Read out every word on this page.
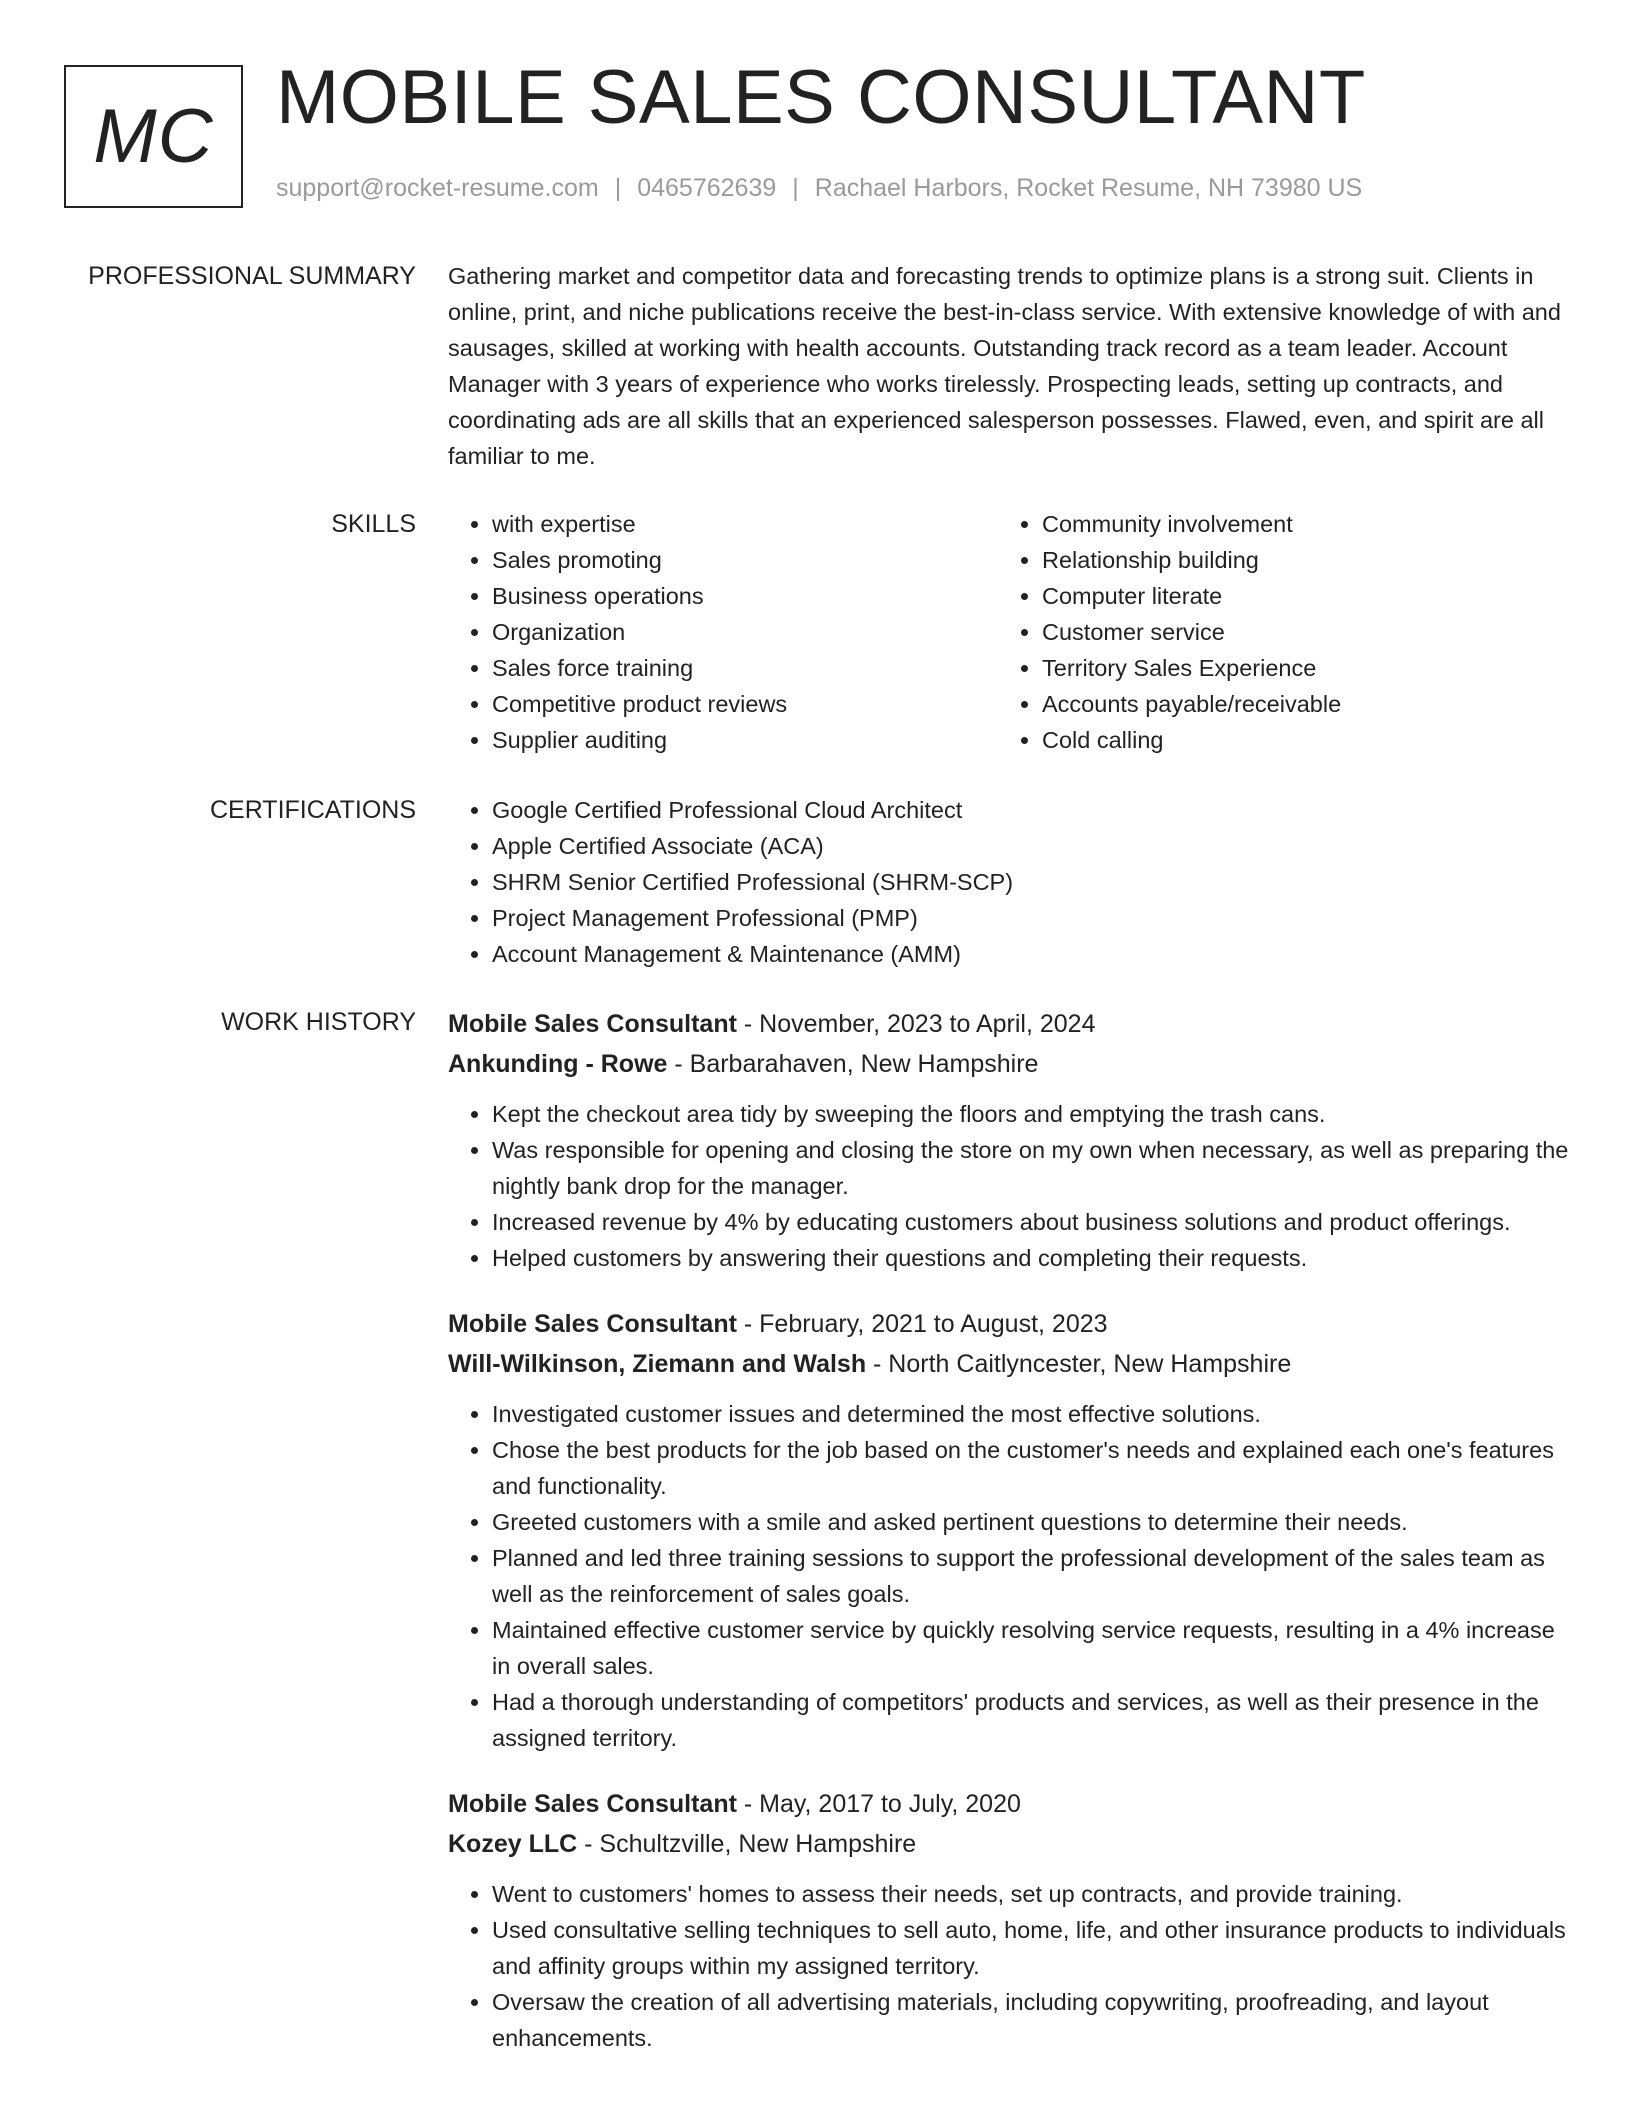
MC MOBILE SALES CONSULTANT
support@rocket-resume.com | 0465762639 | Rachael Harbors, Rocket Resume, NH 73980 US
PROFESSIONAL SUMMARY Gathering market and competitor data and forecasting trends to optimize plans is a strong suit. Clients in online, print, and niche publications receive the best-in-class service. With extensive knowledge of with and sausages, skilled at working with health accounts. Outstanding track record as a team leader. Account Manager with 3 years of experience who works tirelessly. Prospecting leads, setting up contracts, and coordinating ads are all skills that an experienced salesperson possesses. Flawed, even, and spirit are all familiar to me.

SKILLS	• with expertise
• Sales promoting
• Business operations
• Organization
• Sales force training
• Competitive product reviews
• Supplier auditing
• Community involvement
• Relationship building
• Computer literate
• Customer service
• Territory Sales Experience
• Accounts payable/receivable
• Cold calling
CERTIFICATIONS	• Google Certified Professional Cloud Architect
• Apple Certified Associate (ACA)
• SHRM Senior Certified Professional (SHRM-SCP)
• Project Management Professional (PMP)
• Account Management & Maintenance (AMM)
WORK HISTORY Mobile Sales Consultant - November, 2023 to April, 2024
Ankunding - Rowe - Barbarahaven, New Hampshire
• Kept the checkout area tidy by sweeping the floors and emptying the trash cans.
• Was responsible for opening and closing the store on my own when necessary, as well as preparing the nightly bank drop for the manager.
• Increased revenue by 4% by educating customers about business solutions and product offerings.
• Helped customers by answering their questions and completing their requests.
Mobile Sales Consultant - February, 2021 to August, 2023
Will-Wilkinson, Ziemann and Walsh - North Caitlyncester, New Hampshire
• Investigated customer issues and determined the most effective solutions.
• Chose the best products for the job based on the customer's needs and explained each one's features and functionality.
• Greeted customers with a smile and asked pertinent questions to determine their needs.
• Planned and led three training sessions to support the professional development of the sales team as well as the reinforcement of sales goals.
• Maintained effective customer service by quickly resolving service requests, resulting in a 4% increase in overall sales.
• Had a thorough understanding of competitors' products and services, as well as their presence in the assigned territory.
Mobile Sales Consultant - May, 2017 to July, 2020
Kozey LLC - Schultzville, New Hampshire
• Went to customers' homes to assess their needs, set up contracts, and provide training.
• Used consultative selling techniques to sell auto, home, life, and other insurance products to individuals and affinity groups within my assigned territory.
• Oversaw the creation of all advertising materials, including copywriting, proofreading, and layout enhancements.
